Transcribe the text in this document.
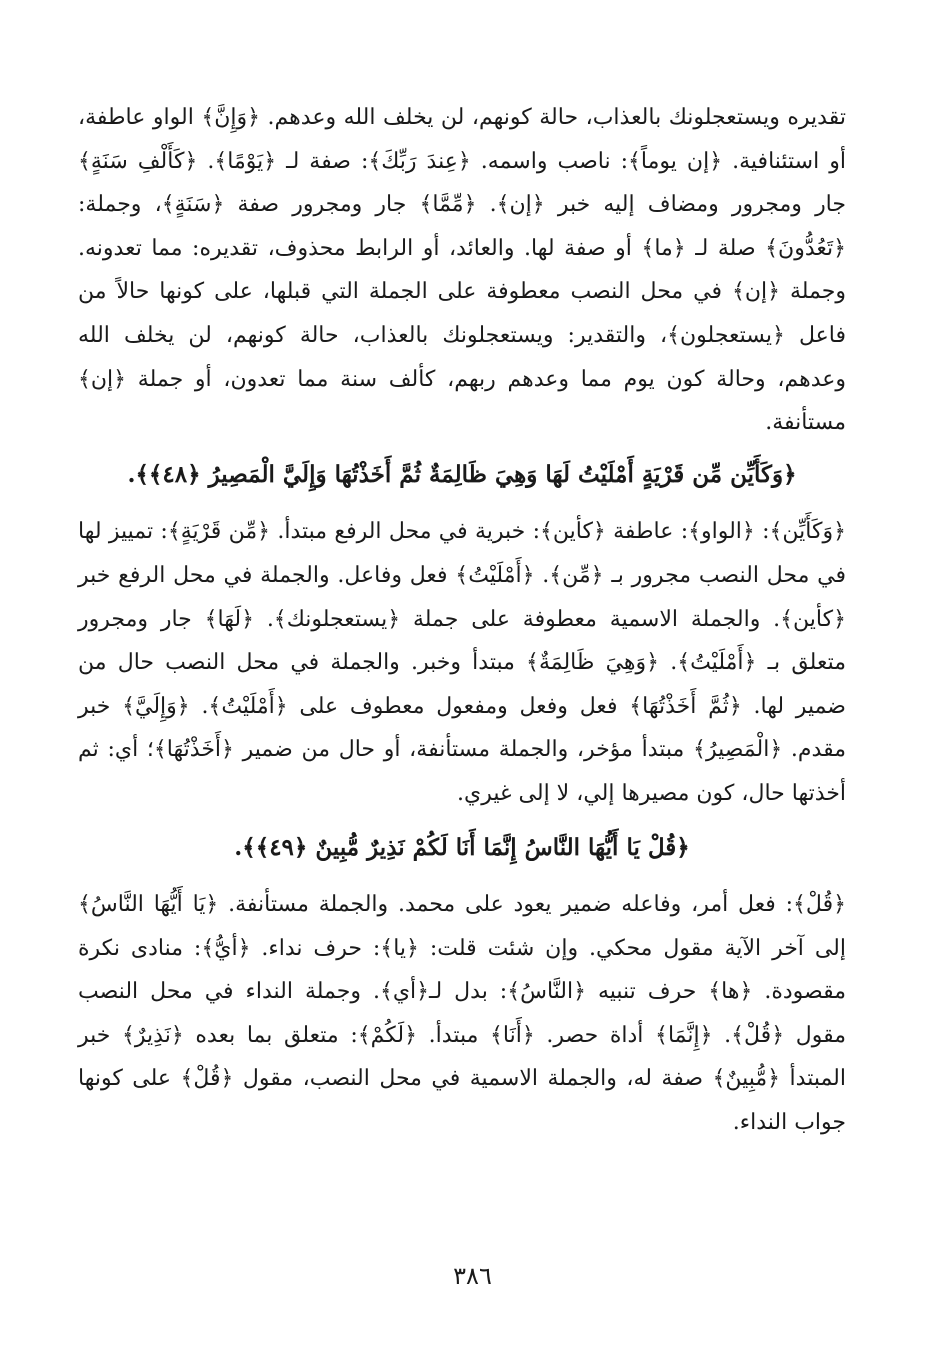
تقديره ويستعجلونك بالعذاب، حالة كونهم، لن يخلف الله وعدهم. ﴿وَإِنَّ﴾ الواو عاطفة، أو استئنافية. ﴿إن يوماً﴾: ناصب واسمه. ﴿عِندَ رَبِّكَ﴾: صفة لـ ﴿يَوْمًا﴾. ﴿كَأَلْفِ سَنَةٍ﴾ جار ومجرور ومضاف إليه خبر ﴿إن﴾. ﴿مِّمَّا﴾ جار ومجرور صفة ﴿سَنَةٍ﴾، وجملة: ﴿تَعُدُّونَ﴾ صلة لـ ﴿ما﴾ أو صفة لها. والعائد، أو الرابط محذوف، تقديره: مما تعدونه. وجملة ﴿إن﴾ في محل النصب معطوفة على الجملة التي قبلها، على كونها حالاً من فاعل ﴿يستعجلون﴾، والتقدير: ويستعجلونك بالعذاب، حالة كونهم، لن يخلف الله وعدهم، وحالة كون يوم مما وعدهم ربهم، كألف سنة مما تعدون، أو جملة ﴿إن﴾ مستأنفة.

﴿وَكَأَيِّن مِّن قَرْيَةٍ أَمْلَيْتُ لَهَا وَهِيَ ظَالِمَةٌ ثُمَّ أَخَذْتُهَا وَإِلَيَّ الْمَصِيرُ ﴿٤٨﴾﴾.

﴿وَكَأَيِّن﴾: ﴿الواو﴾: عاطفة ﴿كأين﴾: خبرية في محل الرفع مبتدأ. ﴿مِّن قَرْيَةٍ﴾: تمييز لها في محل النصب مجرور بـ ﴿مِّن﴾. ﴿أَمْلَيْتُ﴾ فعل وفاعل. والجملة في محل الرفع خبر ﴿كأين﴾. والجملة الاسمية معطوفة على جملة ﴿يستعجلونك﴾. ﴿لَهَا﴾ جار ومجرور متعلق بـ ﴿أَمْلَيْتُ﴾. ﴿وَهِيَ ظَالِمَةٌ﴾ مبتدأ وخبر. والجملة في محل النصب حال من ضمير لها. ﴿ثُمَّ أَخَذْتُهَا﴾ فعل وفعل ومفعول معطوف على ﴿أَمْلَيْتُ﴾. ﴿وَإِلَيَّ﴾ خبر مقدم. ﴿الْمَصِيرُ﴾ مبتدأ مؤخر، والجملة مستأنفة، أو حال من ضمير ﴿أَخَذْتُهَا﴾؛ أي: ثم أخذتها حال، كون مصيرها إلي، لا إلى غيري.

﴿قُلْ يَا أَيُّهَا النَّاسُ إِنَّمَا أَنَا لَكُمْ نَذِيرٌ مُّبِينٌ ﴿٤٩﴾﴾.

﴿قُلْ﴾: فعل أمر، وفاعله ضمير يعود على محمد. والجملة مستأنفة. ﴿يَا أَيُّهَا النَّاسُ﴾ إلى آخر الآية مقول محكي. وإن شئت قلت: ﴿يا﴾: حرف نداء. ﴿أيُّ﴾: منادى نكرة مقصودة. ﴿ها﴾ حرف تنبيه ﴿النَّاسُ﴾: بدل لـ﴿أي﴾. وجملة النداء في محل النصب مقول ﴿قُلْ﴾. ﴿إِنَّمَا﴾ أداة حصر. ﴿أَنَا﴾ مبتدأ. ﴿لَكُمْ﴾: متعلق بما بعده ﴿نَذِيرٌ﴾ خبر المبتدأ ﴿مُّبِينٌ﴾ صفة له، والجملة الاسمية في محل النصب، مقول ﴿قُلْ﴾ على كونها جواب النداء.

٣٨٦
